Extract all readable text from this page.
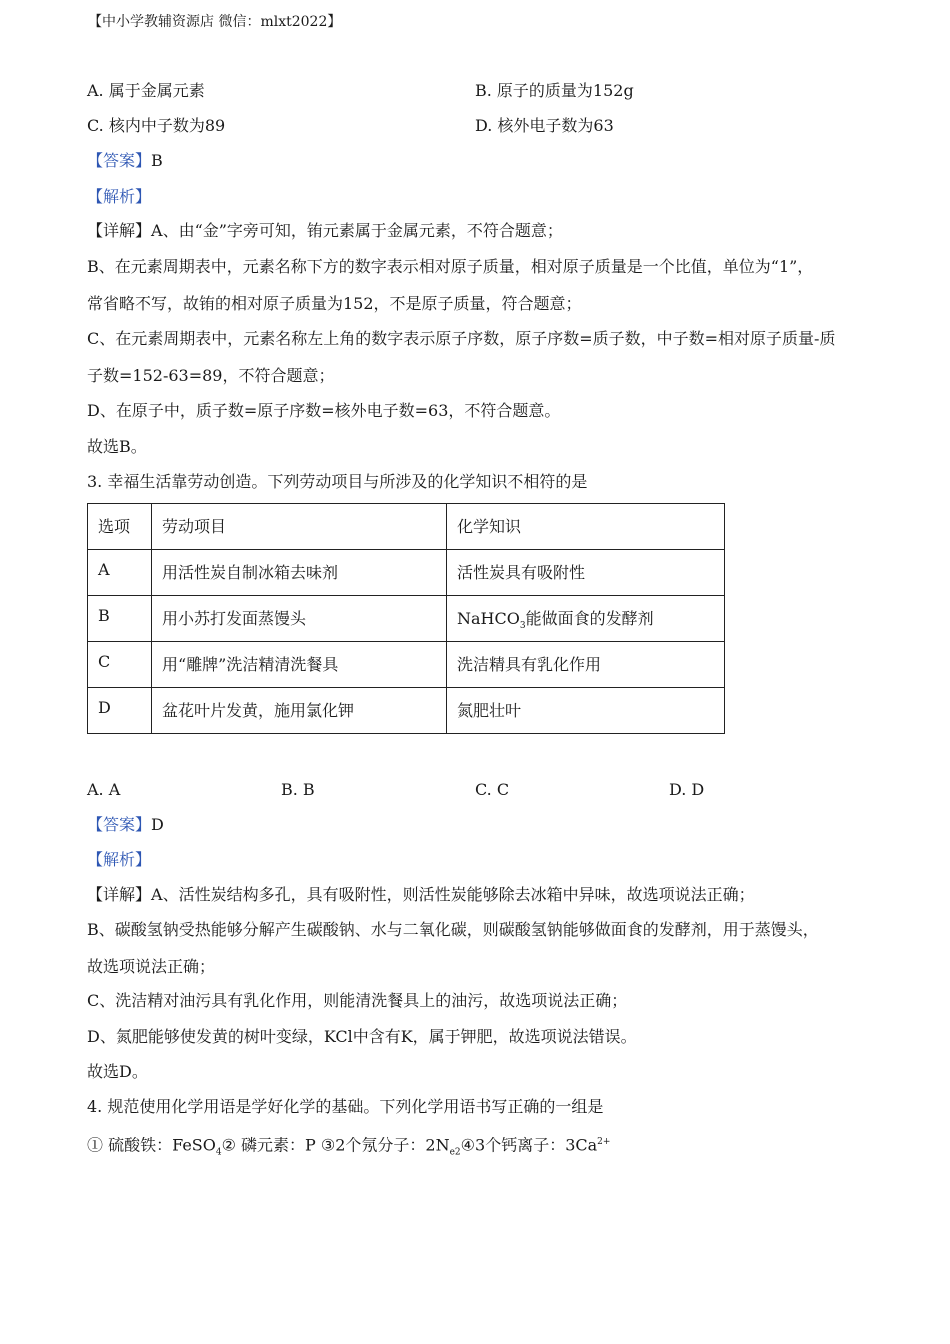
【中小学教辅资源店 微信：mlxt2022】
A. 属于金属元素	B. 原子的质量为152g
C. 核内中子数为89	D. 核外电子数为63
【答案】B
【解析】
【详解】A、由“金”字旁可知，铕元素属于金属元素，不符合题意；
B、在元素周期表中，元素名称下方的数字表示相对原子质量，相对原子质量是一个比值，单位为“1”，
常省略不写，故铕的相对原子质量为152，不是原子质量，符合题意；
C、在元素周期表中，元素名称左上角的数字表示原子序数，原子序数=质子数，中子数=相对原子质量-质
子数=152-63=89，不符合题意；
D、在原子中，质子数=原子序数=核外电子数=63，不符合题意。
故选B。
3. 幸福生活靠劳动创造。下列劳动项目与所涉及的化学知识不相符的是
选项	劳动项目	化学知识
A	用活性炭自制冰箱去味剂	活性炭具有吸附性
B	用小苏打发面蒸馒头	NaHCO$_3$能做面食的发酵剂
C	用“雕牌”洗洁精清洗餐具	洗洁精具有乳化作用
D	盆花叶片发黄，施用氯化钾	氮肥壮叶
A. A	B. B	C. C	D. D
【答案】D
【解析】
【详解】A、活性炭结构多孔，具有吸附性，则活性炭能够除去冰箱中异味，故选项说法正确；
B、碳酸氢钠受热能够分解产生碳酸钠、水与二氧化碳，则碳酸氢钠能够做面食的发酵剂，用于蒸馒头，
故选项说法正确；
C、洗洁精对油污具有乳化作用，则能清洗餐具上的油污，故选项说法正确；
D、氮肥能够使发黄的树叶变绿，KCl中含有K，属于钾肥，故选项说法错误。
故选D。
4. 规范使用化学用语是学好化学的基础。下列化学用语书写正确的一组是
① 硫酸铁：FeSO$_4$② 磷元素：P ③2个氖分子：$2N_{e2}④3$个钙离子：$3Ca^{2+}$
